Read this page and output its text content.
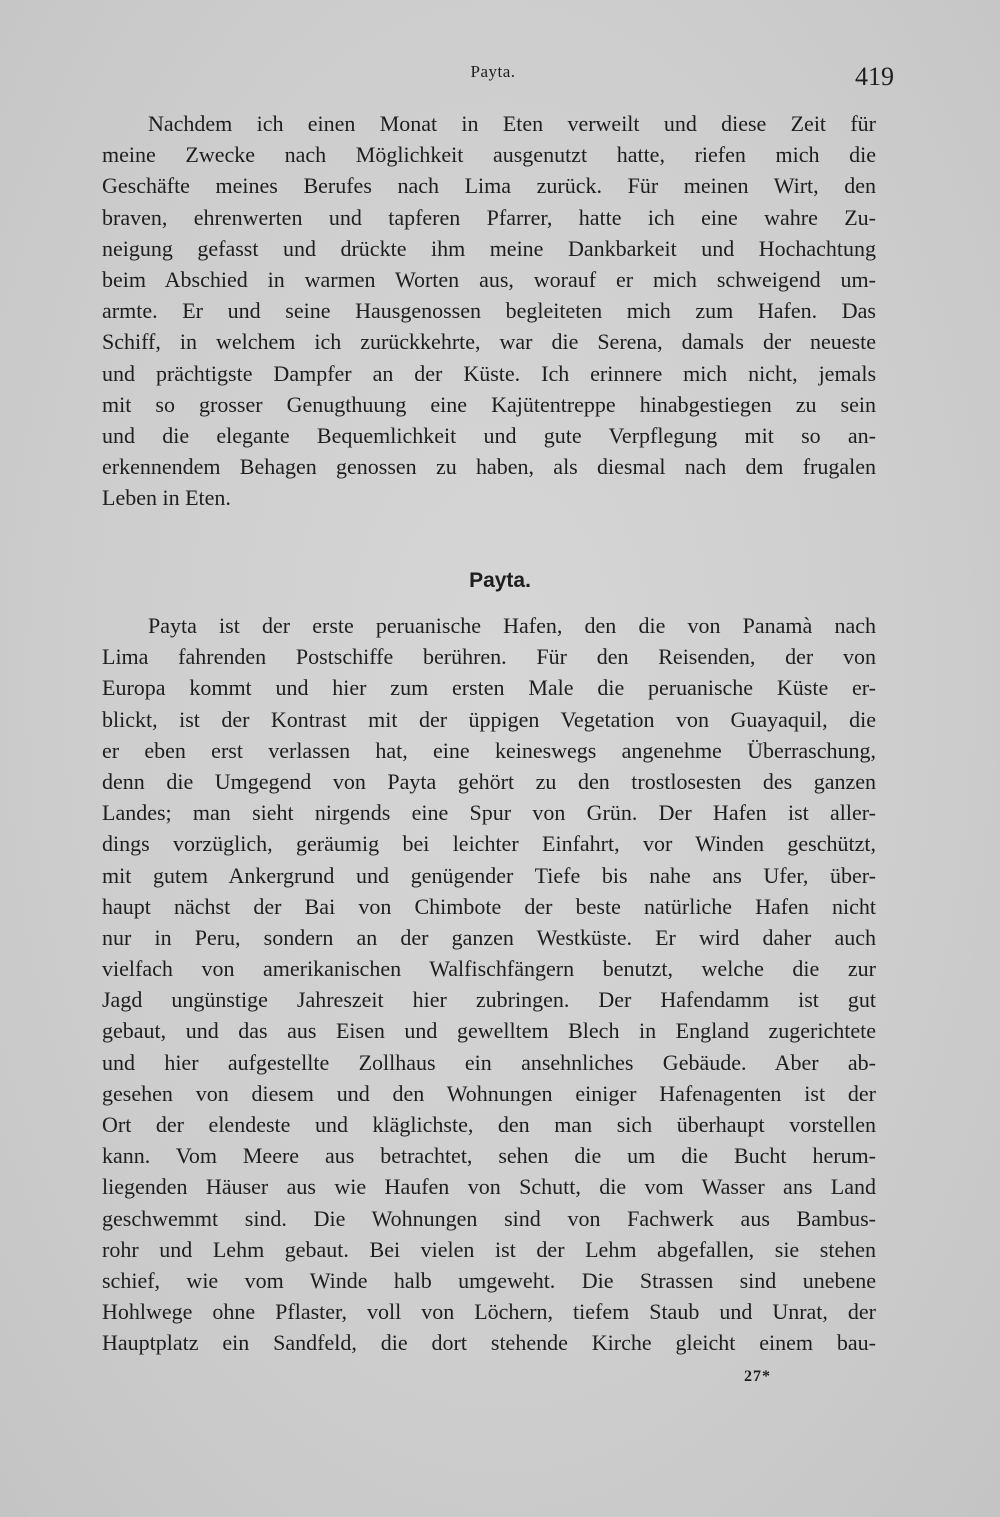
Payta.	419

Nachdem ich einen Monat in Eten verweilt und diese Zeit für
meine Zwecke nach Möglichkeit ausgenutzt hatte, riefen mich die
Geschäfte meines Berufes nach Lima zurück. Für meinen Wirt, den
braven, ehrenwerten und tapferen Pfarrer, hatte ich eine wahre Zu-
neigung gefasst und drückte ihm meine Dankbarkeit und Hochachtung
beim Abschied in warmen Worten aus, worauf er mich schweigend um-
armte. Er und seine Hausgenossen begleiteten mich zum Hafen. Das
Schiff, in welchem ich zurückkehrte, war die Serena, damals der neueste
und prächtigste Dampfer an der Küste. Ich erinnere mich nicht, jemals
mit so grosser Genugthuung eine Kajütentreppe hinabgestiegen zu sein
und die elegante Bequemlichkeit und gute Verpflegung mit so an-
erkennendem Behagen genossen zu haben, als diesmal nach dem frugalen
Leben in Eten.

Payta.

Payta ist der erste peruanische Hafen, den die von Panamà nach
Lima fahrenden Postschiffe berühren. Für den Reisenden, der von
Europa kommt und hier zum ersten Male die peruanische Küste er-
blickt, ist der Kontrast mit der üppigen Vegetation von Guayaquil, die
er eben erst verlassen hat, eine keineswegs angenehme Überraschung,
denn die Umgegend von Payta gehört zu den trostlosesten des ganzen
Landes; man sieht nirgends eine Spur von Grün. Der Hafen ist aller-
dings vorzüglich, geräumig bei leichter Einfahrt, vor Winden geschützt,
mit gutem Ankergrund und genügender Tiefe bis nahe ans Ufer, über-
haupt nächst der Bai von Chimbote der beste natürliche Hafen nicht
nur in Peru, sondern an der ganzen Westküste. Er wird daher auch
vielfach von amerikanischen Walfischfängern benutzt, welche die zur
Jagd ungünstige Jahreszeit hier zubringen. Der Hafendamm ist gut
gebaut, und das aus Eisen und gewelltem Blech in England zugerichtete
und hier aufgestellte Zollhaus ein ansehnliches Gebäude. Aber ab-
gesehen von diesem und den Wohnungen einiger Hafenagenten ist der
Ort der elendeste und kläglichste, den man sich überhaupt vorstellen
kann. Vom Meere aus betrachtet, sehen die um die Bucht herum-
liegenden Häuser aus wie Haufen von Schutt, die vom Wasser ans Land
geschwemmt sind. Die Wohnungen sind von Fachwerk aus Bambus-
rohr und Lehm gebaut. Bei vielen ist der Lehm abgefallen, sie stehen
schief, wie vom Winde halb umgeweht. Die Strassen sind unebene
Hohlwege ohne Pflaster, voll von Löchern, tiefem Staub und Unrat, der
Hauptplatz ein Sandfeld, die dort stehende Kirche gleicht einem bau-

27*
